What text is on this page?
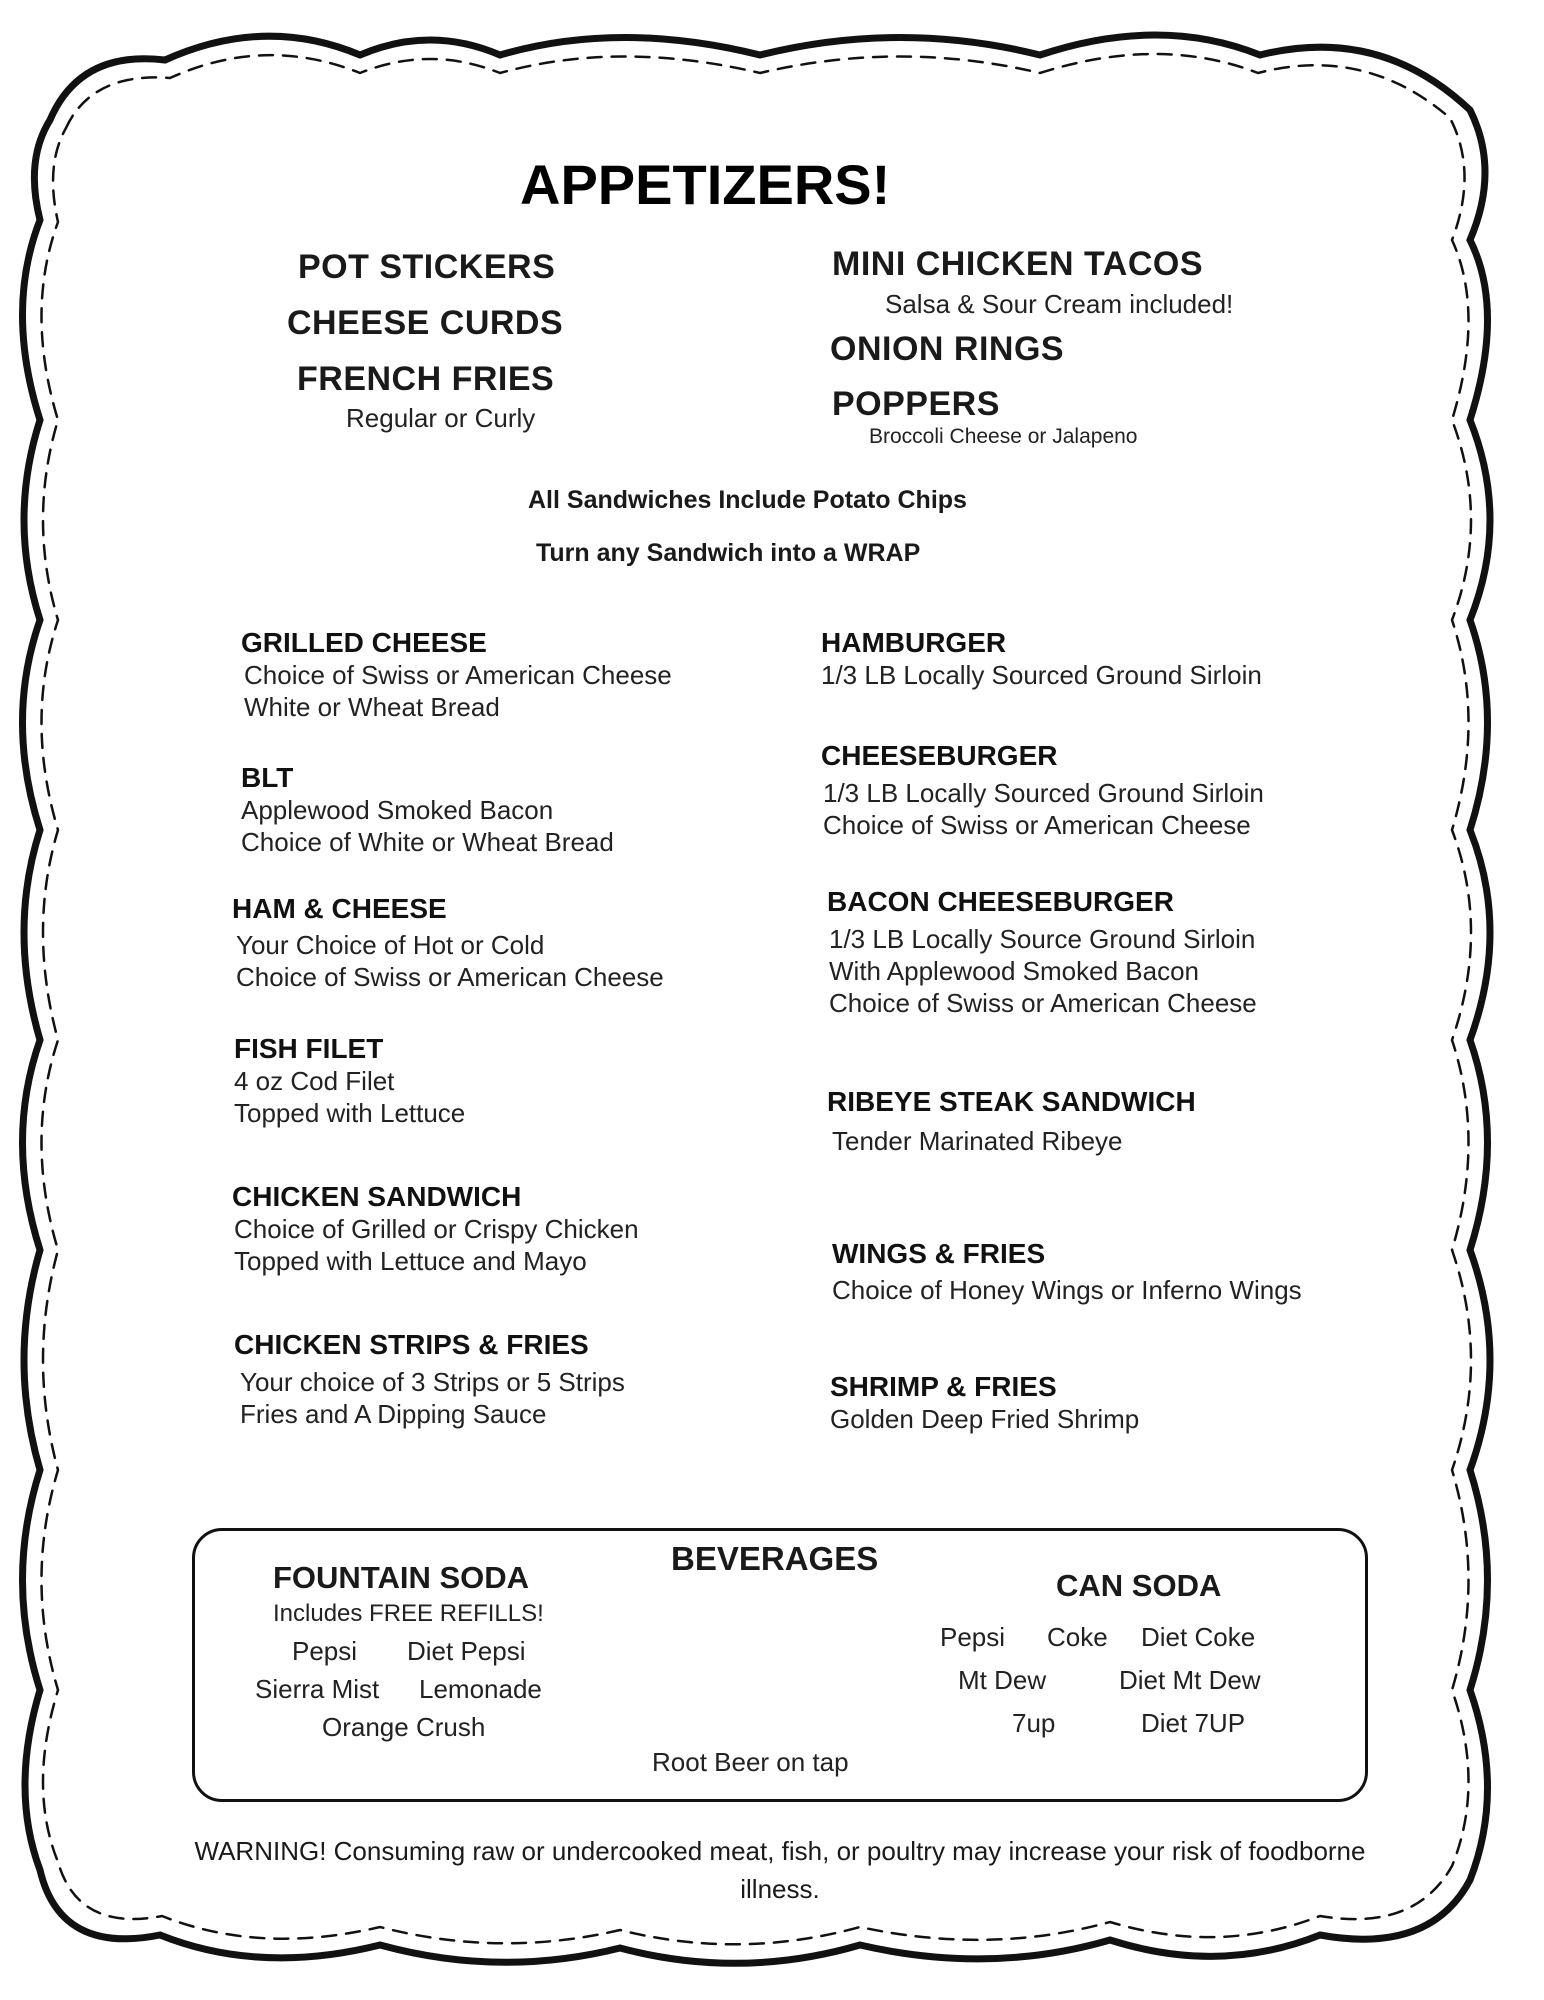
APPETIZERS!
POT STICKERS
CHEESE CURDS
FRENCH FRIES
Regular or Curly
MINI CHICKEN TACOS
Salsa & Sour Cream included!
ONION RINGS
POPPERS
Broccoli Cheese or Jalapeno
All Sandwiches Include Potato Chips
Turn any Sandwich into a WRAP
GRILLED CHEESE
Choice of Swiss or American Cheese
White or Wheat Bread
BLT
Applewood Smoked Bacon
Choice of White or Wheat Bread
HAM & CHEESE
Your Choice of Hot or Cold
Choice of Swiss or American Cheese
FISH FILET
4 oz Cod Filet
Topped with Lettuce
CHICKEN SANDWICH
Choice of Grilled or Crispy Chicken
Topped with Lettuce and Mayo
CHICKEN STRIPS & FRIES
Your choice of 3 Strips or 5 Strips
Fries and A Dipping Sauce
HAMBURGER
1/3 LB Locally Sourced Ground Sirloin
CHEESEBURGER
1/3 LB Locally Sourced Ground Sirloin
Choice of Swiss or American Cheese
BACON CHEESEBURGER
1/3 LB Locally Source Ground Sirloin
With Applewood Smoked Bacon
Choice of Swiss or American Cheese
RIBEYE STEAK SANDWICH
Tender Marinated Ribeye
WINGS & FRIES
Choice of Honey Wings or Inferno Wings
SHRIMP & FRIES
Golden Deep Fried Shrimp
BEVERAGES
FOUNTAIN SODA
Includes FREE REFILLS!
Pepsi Diet Pepsi
Sierra Mist Lemonade
Orange Crush
CAN SODA
Pepsi Coke Diet Coke
Mt Dew	Diet Mt Dew
7up	Diet 7UP
Root Beer on tap
WARNING! Consuming raw or undercooked meat, fish, or poultry may increase your risk of foodborne illness.
